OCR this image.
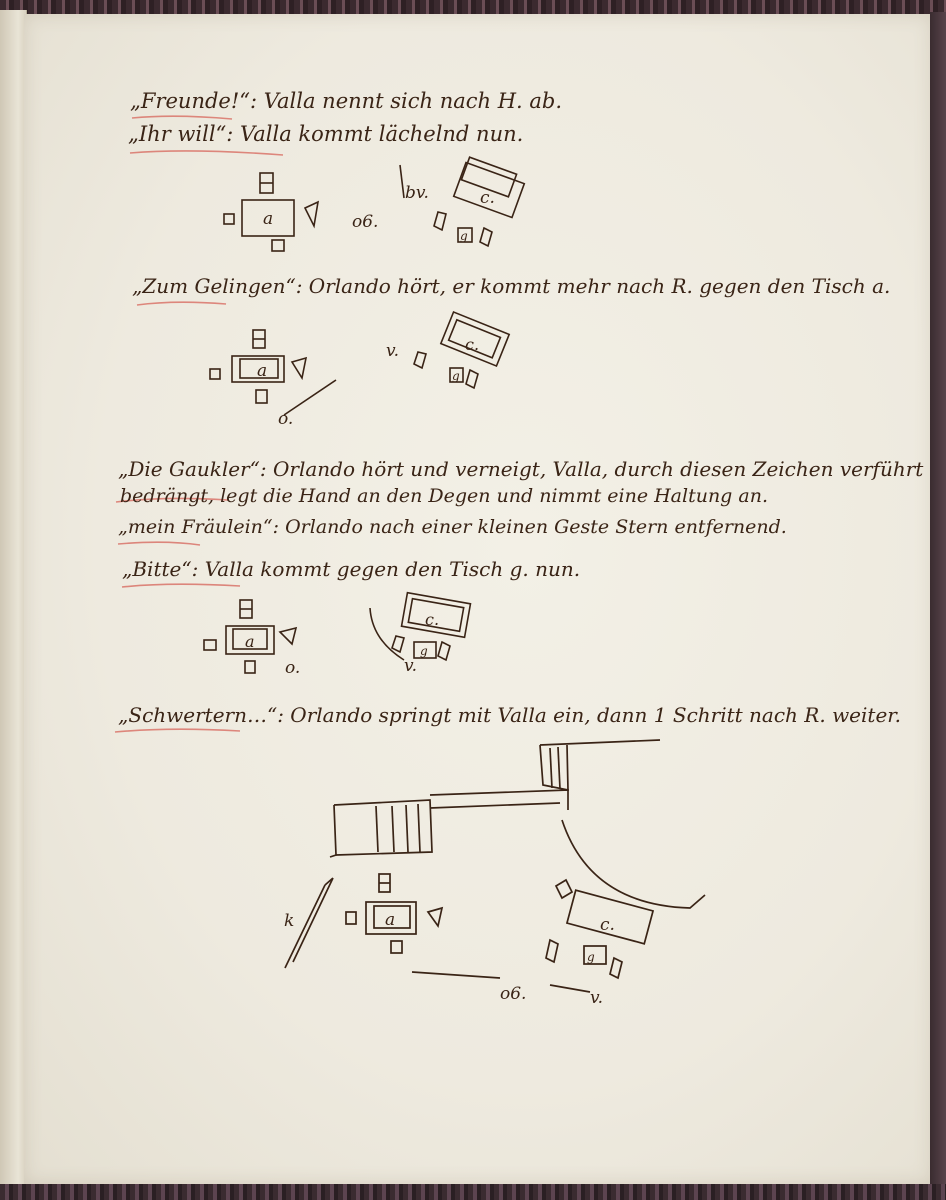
„Freunde!“: Valla nennt sich nach H. ab.
„Ihr will“: Valla kommt lächelnd nun.
„Zum Gelingen“: Orlando hört, er kommt mehr nach R. gegen den Tisch a.
„Die Gaukler“: Orlando hört und verneigt, Valla, durch diesen Zeichen verführt
bedrängt, legt die Hand an den Degen und nimmt eine Haltung an.
„mein Fräulein“: Orlando nach einer kleinen Geste Stern entfernend.
„Bitte“: Valla kommt gegen den Tisch g. nun.
„Schwertern…“: Orlando springt mit Valla ein, dann 1 Schritt nach R. weiter.
a
c.
g
o6.
bv.
a
c.
g
o.
v.
a
c.
g
o.	v.
a	c.
g
k
o6.	v.
